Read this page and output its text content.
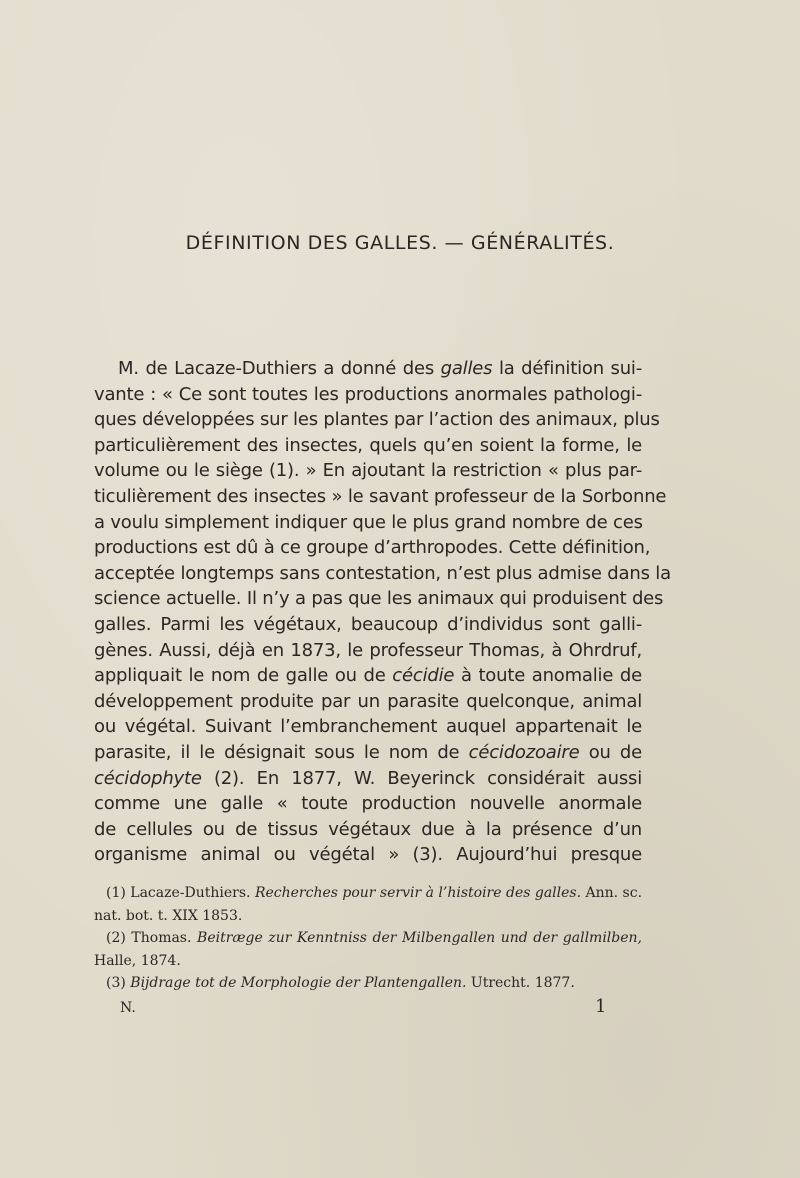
DÉFINITION DES GALLES. — GÉNÉRALITÉS.
M. de Lacaze-Duthiers a donné des galles la définition sui-
vante : « Ce sont toutes les productions anormales pathologi-
ques développées sur les plantes par l’action des animaux, plus
particulièrement des insectes, quels qu’en soient la forme, le
volume ou le siège (1). » En ajoutant la restriction « plus par-
ticulièrement des insectes » le savant professeur de la Sorbonne
a voulu simplement indiquer que le plus grand nombre de ces
productions est dû à ce groupe d’arthropodes. Cette définition,
acceptée longtemps sans contestation, n’est plus admise dans la
science actuelle. Il n’y a pas que les animaux qui produisent des
galles. Parmi les végétaux, beaucoup d’individus sont galli-
gènes. Aussi, déjà en 1873, le professeur Thomas, à Ohrdruf,
appliquait le nom de galle ou de cécidie à toute anomalie de
développement produite par un parasite quelconque, animal
ou végétal. Suivant l’embranchement auquel appartenait le
parasite, il le désignait sous le nom de cécidozoaire ou de
cécidophyte (2). En 1877, W. Beyerinck considérait aussi
comme une galle « toute production nouvelle anormale
de cellules ou de tissus végétaux due à la présence d’un
organisme animal ou végétal » (3). Aujourd’hui presque
(1) Lacaze-Duthiers. Recherches pour servir à l’histoire des galles. Ann. sc.
nat. bot. t. XIX 1853.
(2) Thomas. Beitræge zur Kenntniss der Milbengallen und der gallmilben,
Halle, 1874.
(3) Bijdrage tot de Morphologie der Plantengallen. Utrecht. 1877.
N.	1
